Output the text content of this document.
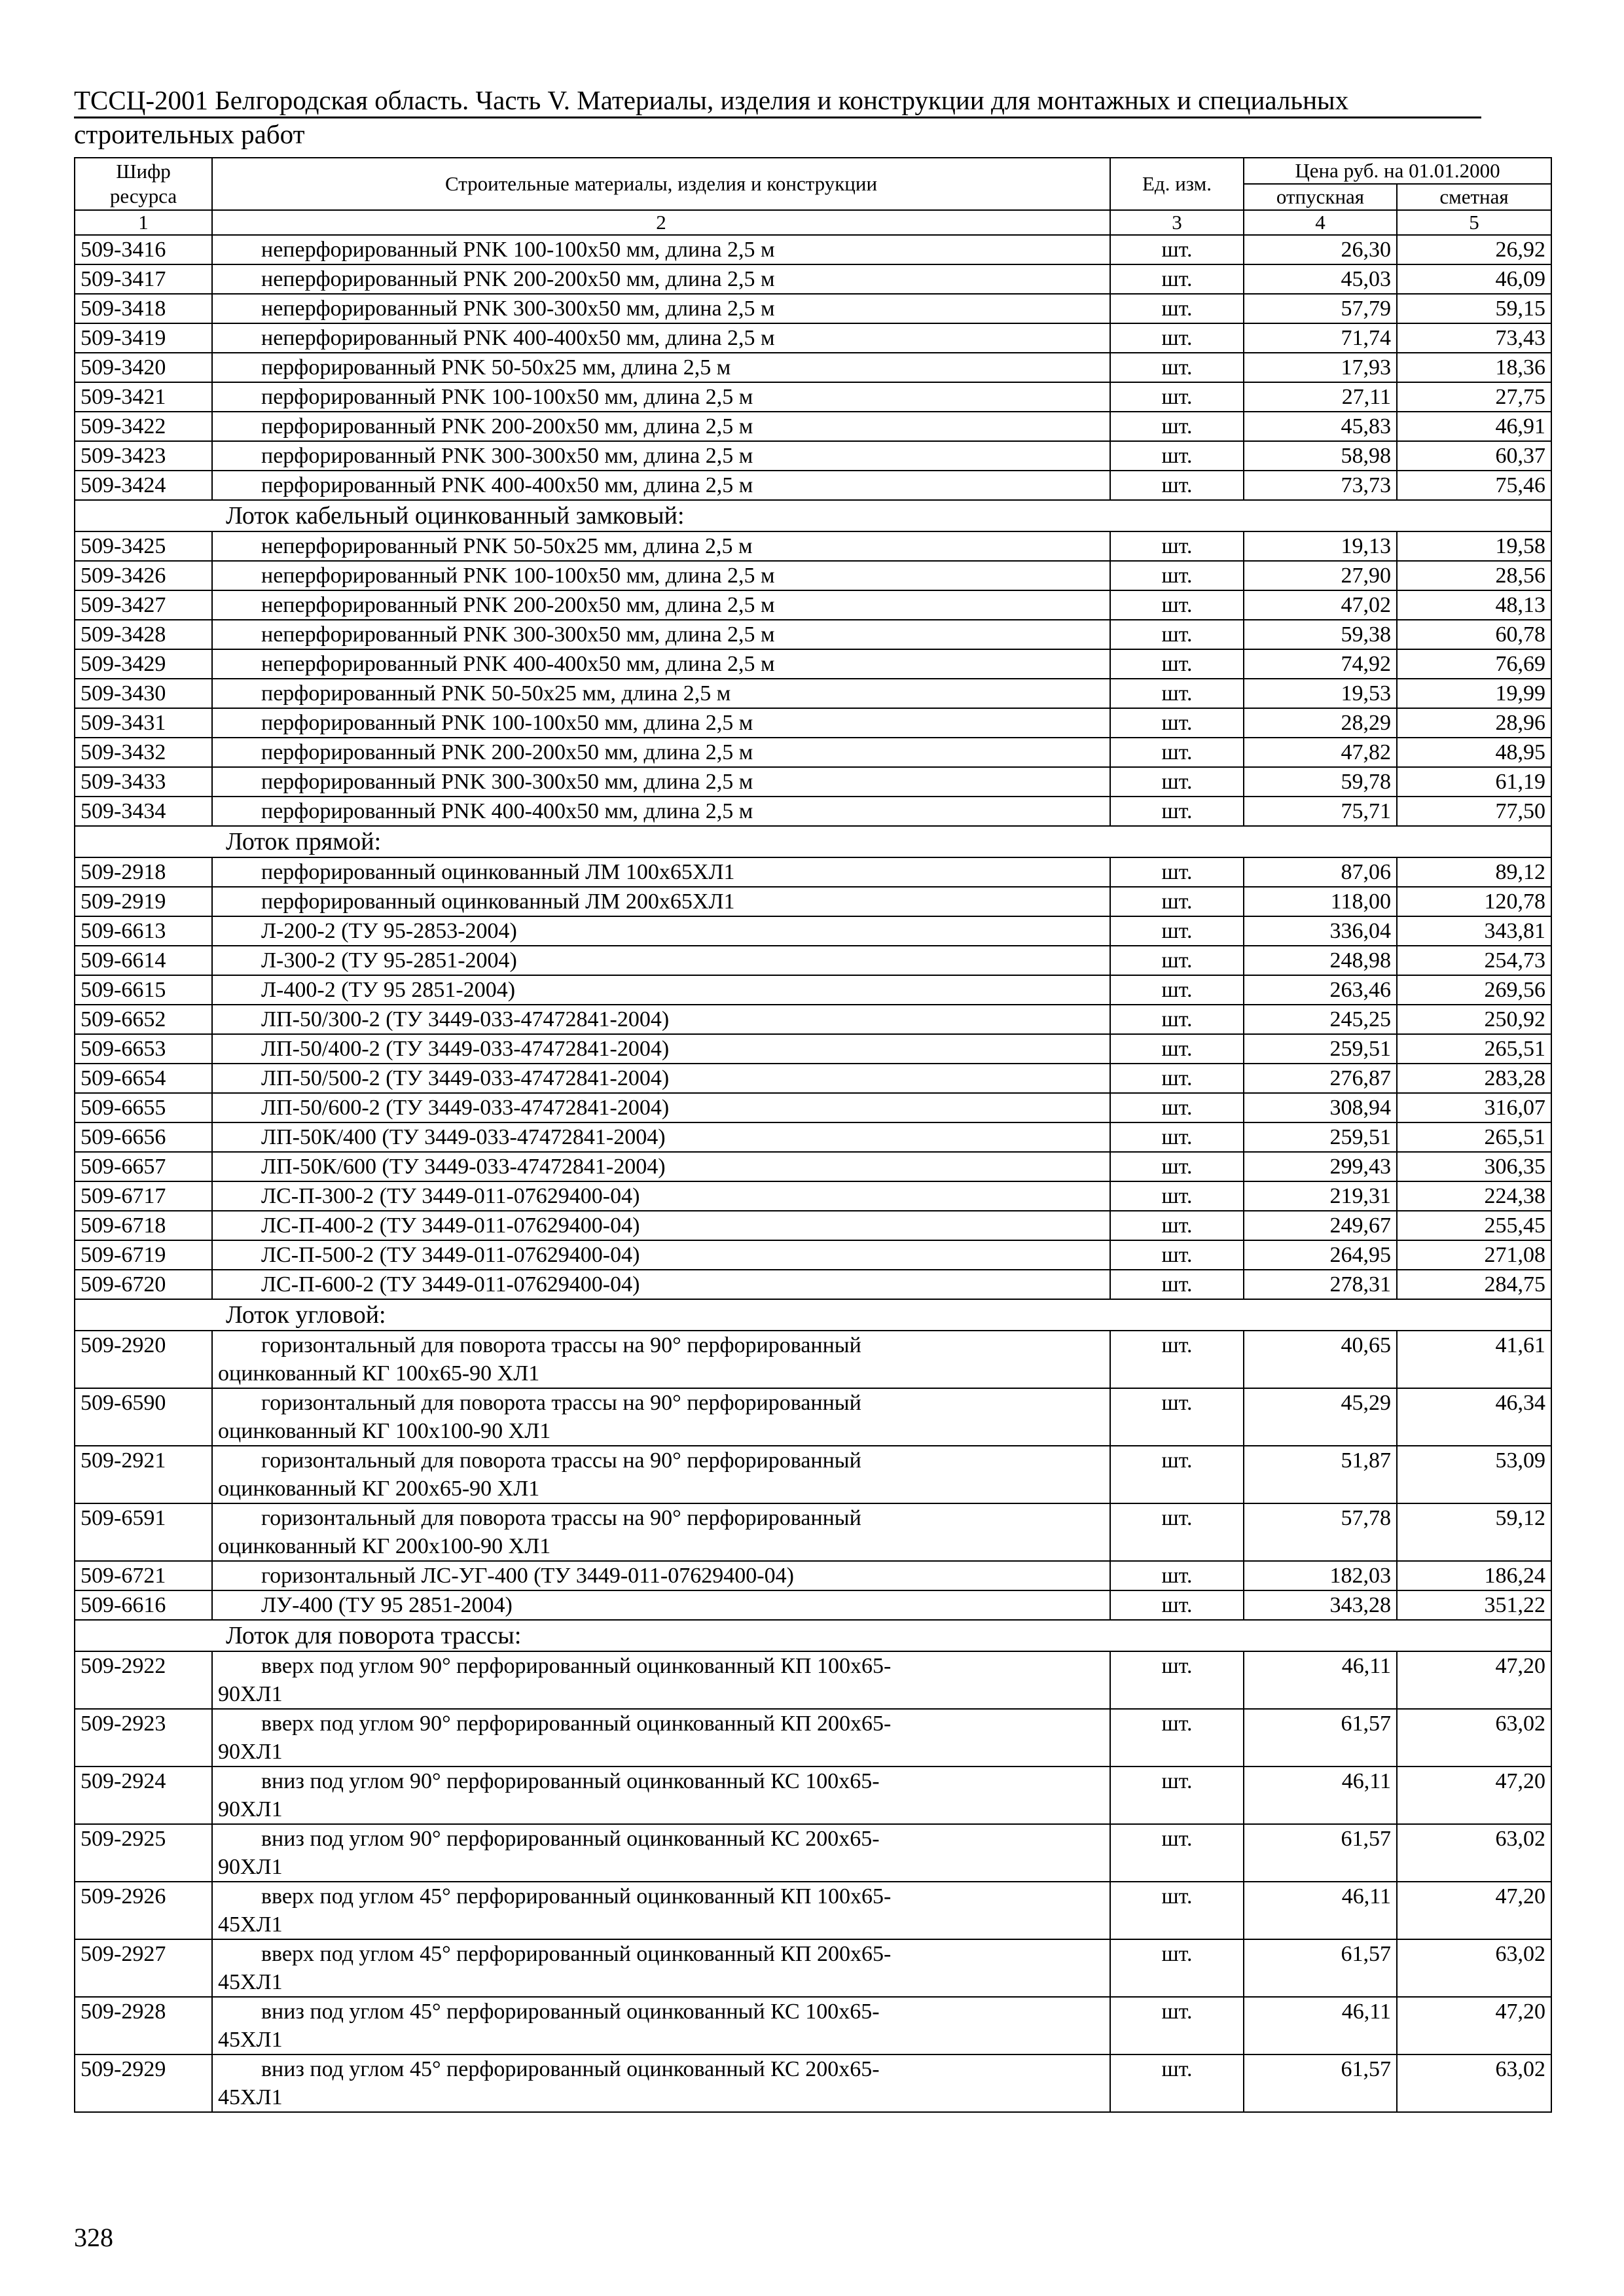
ТССЦ-2001 Белгородская область. Часть V. Материалы, изделия и конструкции для монтажных и специальных
строительных работ
Шифр ресурса	Строительные материалы, изделия и конструкции	Ед. изм.	Цена руб. на 01.01.2000	
			отпускная	сметная
1	2	3	4	5
509-3416	неперфорированный PNK 100-100х50 мм, длина 2,5 м	шт.	26,30	26,92
509-3417	неперфорированный PNK 200-200х50 мм, длина 2,5 м	шт.	45,03	46,09
509-3418	неперфорированный PNK 300-300х50 мм, длина 2,5 м	шт.	57,79	59,15
509-3419	неперфорированный PNK 400-400х50 мм, длина 2,5 м	шт.	71,74	73,43
509-3420	перфорированный PNK 50-50х25 мм, длина 2,5 м	шт.	17,93	18,36
509-3421	перфорированный PNK 100-100х50 мм, длина 2,5 м	шт.	27,11	27,75
509-3422	перфорированный PNK 200-200х50 мм, длина 2,5 м	шт.	45,83	46,91
509-3423	перфорированный PNK 300-300х50 мм, длина 2,5 м	шт.	58,98	60,37
509-3424	перфорированный PNK 400-400х50 мм, длина 2,5 м	шт.	73,73	75,46
Лоток кабельный оцинкованный замковый:				
509-3425	неперфорированный PNK 50-50х25 мм, длина 2,5 м	шт.	19,13	19,58
509-3426	неперфорированный PNK 100-100х50 мм, длина 2,5 м	шт.	27,90	28,56
509-3427	неперфорированный PNK 200-200х50 мм, длина 2,5 м	шт.	47,02	48,13
509-3428	неперфорированный PNK 300-300х50 мм, длина 2,5 м	шт.	59,38	60,78
509-3429	неперфорированный PNK 400-400х50 мм, длина 2,5 м	шт.	74,92	76,69
509-3430	перфорированный PNK 50-50х25 мм, длина 2,5 м	шт.	19,53	19,99
509-3431	перфорированный PNK 100-100х50 мм, длина 2,5 м	шт.	28,29	28,96
509-3432	перфорированный PNK 200-200х50 мм, длина 2,5 м	шт.	47,82	48,95
509-3433	перфорированный PNK 300-300х50 мм, длина 2,5 м	шт.	59,78	61,19
509-3434	перфорированный PNK 400-400х50 мм, длина 2,5 м	шт.	75,71	77,50
Лоток прямой:				
509-2918	перфорированный оцинкованный ЛМ 100х65ХЛ1	шт.	87,06	89,12
509-2919	перфорированный оцинкованный ЛМ 200х65ХЛ1	шт.	118,00	120,78
509-6613	Л-200-2 (ТУ 95-2853-2004)	шт.	336,04	343,81
509-6614	Л-300-2 (ТУ 95-2851-2004)	шт.	248,98	254,73
509-6615	Л-400-2 (ТУ 95 2851-2004)	шт.	263,46	269,56
509-6652	ЛП-50/300-2 (ТУ 3449-033-47472841-2004)	шт.	245,25	250,92
509-6653	ЛП-50/400-2 (ТУ 3449-033-47472841-2004)	шт.	259,51	265,51
509-6654	ЛП-50/500-2 (ТУ 3449-033-47472841-2004)	шт.	276,87	283,28
509-6655	ЛП-50/600-2 (ТУ 3449-033-47472841-2004)	шт.	308,94	316,07
509-6656	ЛП-50К/400 (ТУ 3449-033-47472841-2004)	шт.	259,51	265,51
509-6657	ЛП-50К/600 (ТУ 3449-033-47472841-2004)	шт.	299,43	306,35
509-6717	ЛС-П-300-2 (ТУ 3449-011-07629400-04)	шт.	219,31	224,38
509-6718	ЛС-П-400-2 (ТУ 3449-011-07629400-04)	шт.	249,67	255,45
509-6719	ЛС-П-500-2 (ТУ 3449-011-07629400-04)	шт.	264,95	271,08
509-6720	ЛС-П-600-2 (ТУ 3449-011-07629400-04)	шт.	278,31	284,75
Лоток угловой:				
509-2920	горизонтальный для поворота трассы на 90° перфорированный
оцинкованный КГ 100х65-90 ХЛ1	шт.	40,65	41,61
509-6590	горизонтальный для поворота трассы на 90° перфорированный
оцинкованный КГ 100х100-90 ХЛ1	шт.	45,29	46,34
509-2921	горизонтальный для поворота трассы на 90° перфорированный
оцинкованный КГ 200х65-90 ХЛ1	шт.	51,87	53,09
509-6591	горизонтальный для поворота трассы на 90° перфорированный
оцинкованный КГ 200х100-90 ХЛ1	шт.	57,78	59,12
509-6721	горизонтальный ЛС-УГ-400 (ТУ 3449-011-07629400-04)	шт.	182,03	186,24
509-6616	ЛУ-400 (ТУ 95 2851-2004)	шт.	343,28	351,22
Лоток для поворота трассы:				
509-2922	вверх под углом 90° перфорированный оцинкованный КП 100х65-
90ХЛ1	шт.	46,11	47,20
509-2923	вверх под углом 90° перфорированный оцинкованный КП 200х65-
90ХЛ1	шт.	61,57	63,02
509-2924	вниз под углом 90° перфорированный оцинкованный КС 100х65-
90ХЛ1	шт.	46,11	47,20
509-2925	вниз под углом 90° перфорированный оцинкованный КС 200х65-
90ХЛ1	шт.	61,57	63,02
509-2926	вверх под углом 45° перфорированный оцинкованный КП 100х65-
45ХЛ1	шт.	46,11	47,20
509-2927	вверх под углом 45° перфорированный оцинкованный КП 200х65-
45ХЛ1	шт.	61,57	63,02
509-2928	вниз под углом 45° перфорированный оцинкованный КС 100х65-
45ХЛ1	шт.	46,11	47,20
509-2929	вниз под углом 45° перфорированный оцинкованный КС 200х65-
45ХЛ1	шт.	61,57	63,02
328
